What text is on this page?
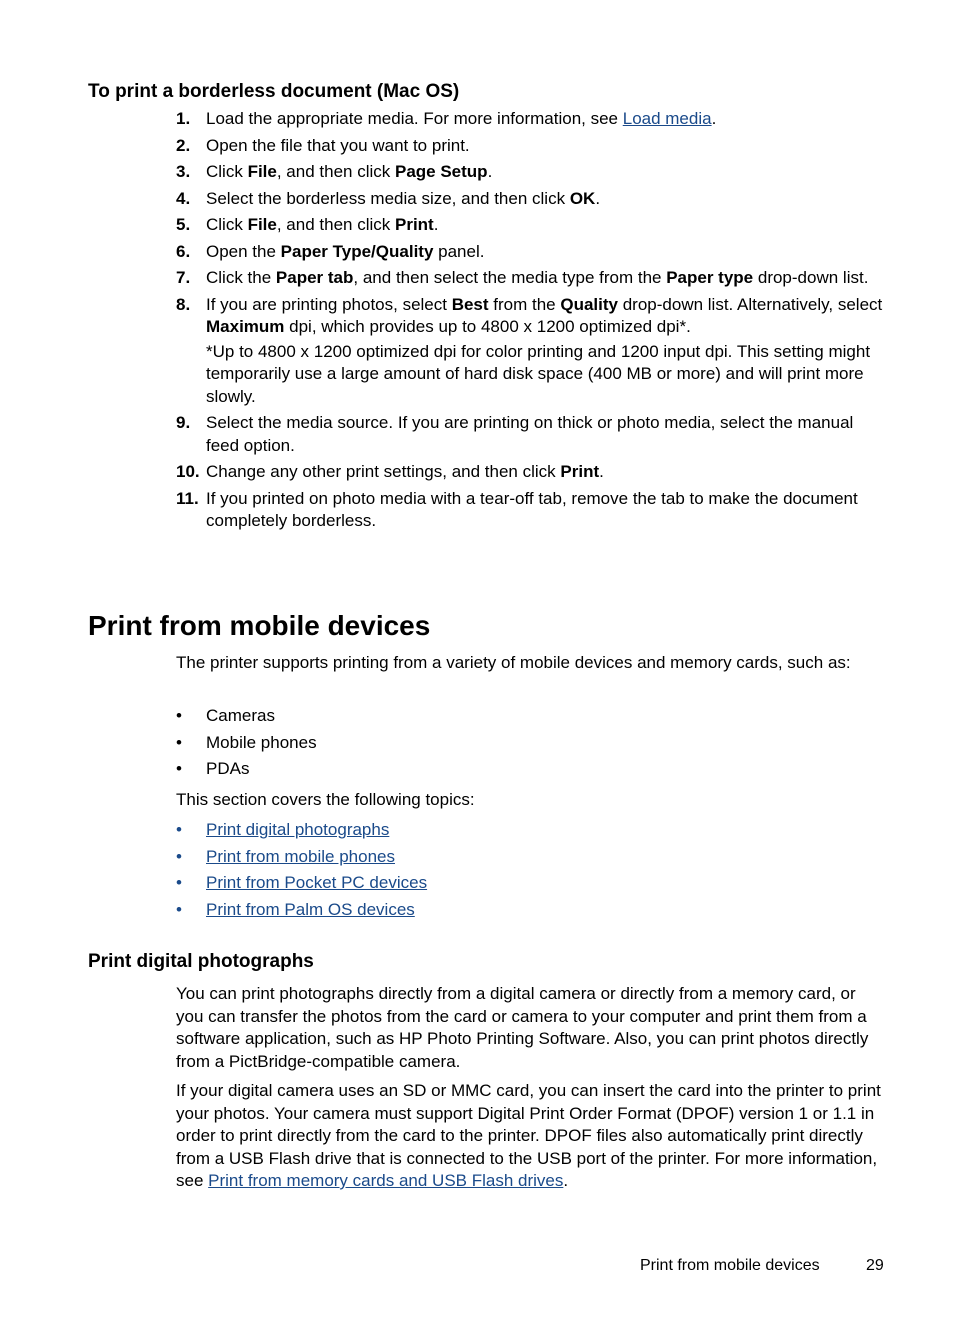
To print a borderless document (Mac OS)
1. Load the appropriate media. For more information, see Load media.

2. Open the file that you want to print.

3. Click File, and then click Page Setup.

4. Select the borderless media size, and then click OK.

5. Click File, and then click Print.

6. Open the Paper Type/Quality panel.

7. Click the Paper tab, and then select the media type from the Paper type drop-down list.

8. If you are printing photos, select Best from the Quality drop-down list. Alternatively, select Maximum dpi, which provides up to 4800 x 1200 optimized dpi*.

*Up to 4800 x 1200 optimized dpi for color printing and 1200 input dpi. This setting might temporarily use a large amount of hard disk space (400 MB or more) and will print more slowly.

9. Select the media source. If you are printing on thick or photo media, select the manual feed option.

10. Change any other print settings, and then click Print.

11. If you printed on photo media with a tear-off tab, remove the tab to make the document completely borderless.

Print from mobile devices

The printer supports printing from a variety of mobile devices and memory cards, such as:

• Cameras
• Mobile phones
• PDAs

This section covers the following topics:

• Print digital photographs
• Print from mobile phones
• Print from Pocket PC devices
• Print from Palm OS devices
Print digital photographs

You can print photographs directly from a digital camera or directly from a memory card, or you can transfer the photos from the card or camera to your computer and print them from a software application, such as HP Photo Printing Software. Also, you can print photos directly from a PictBridge-compatible camera.

If your digital camera uses an SD or MMC card, you can insert the card into the printer to print your photos. Your camera must support Digital Print Order Format (DPOF) version 1 or 1.1 in order to print directly from the card to the printer. DPOF files also automatically print directly from a USB Flash drive that is connected to the USB port of the printer. For more information, see Print from memory cards and USB Flash drives.

Print from mobile devices	29
